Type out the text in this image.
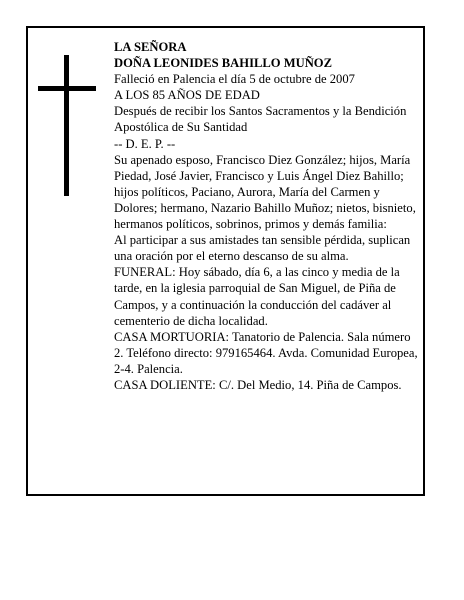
LA SEÑORA

DOÑA LEONIDES BAHILLO MUÑOZ

Falleció en Palencia el día 5 de octubre de 2007

A LOS 85 AÑOS DE EDAD

Después de recibir los Santos Sacramentos y la Bendición Apostólica de Su Santidad

-- D. E. P. --

Su apenado esposo, Francisco Diez González; hijos, María Piedad, José Javier, Francisco y Luis Ángel Diez Bahillo; hijos políticos, Paciano, Aurora, María del Carmen y Dolores; hermano, Nazario Bahillo Muñoz; nietos, bisnieto, hermanos políticos, sobrinos, primos y demás familia:

Al participar a sus amistades tan sensible pérdida, suplican una oración por el eterno descanso de su alma.

FUNERAL: Hoy sábado, día 6, a las cinco y media de la tarde, en la iglesia parroquial de San Miguel, de Piña de Campos, y a continuación la conducción del cadáver al cementerio de dicha localidad.

CASA MORTUORIA: Tanatorio de Palencia. Sala número 2. Teléfono directo: 979165464. Avda. Comunidad Europea, 2-4. Palencia.

CASA DOLIENTE: C/. Del Medio, 14. Piña de Campos.
